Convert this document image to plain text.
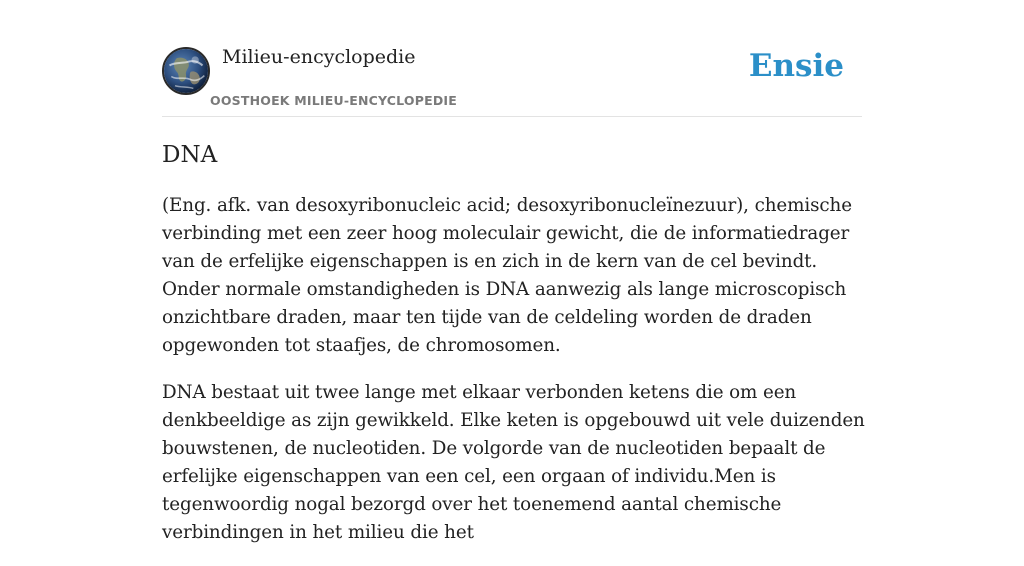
Milieu-encyclopedie
OOSTHOEK MILIEU-ENCYCLOPEDIE
Ensie
DNA

(Eng. afk. van desoxyribonucleic acid; desoxyribonucleïnezuur), chemische verbinding met een zeer hoog moleculair gewicht, die de informatiedrager van de erfelijke eigenschappen is en zich in de kern van de cel bevindt. Onder normale omstandigheden is DNA aanwezig als lange microscopisch onzichtbare draden, maar ten tijde van de celdeling worden de draden opgewonden tot staafjes, de chromosomen.

DNA bestaat uit twee lange met elkaar verbonden ketens die om een denkbeeldige as zijn gewikkeld. Elke keten is opgebouwd uit vele duizenden bouwstenen, de nucleotiden. De volgorde van de nucleotiden bepaalt de erfelijke eigenschappen van een cel, een orgaan of individu.Men is tegenwoordig nogal bezorgd over het toenemend aantal chemische verbindingen in het milieu die het
